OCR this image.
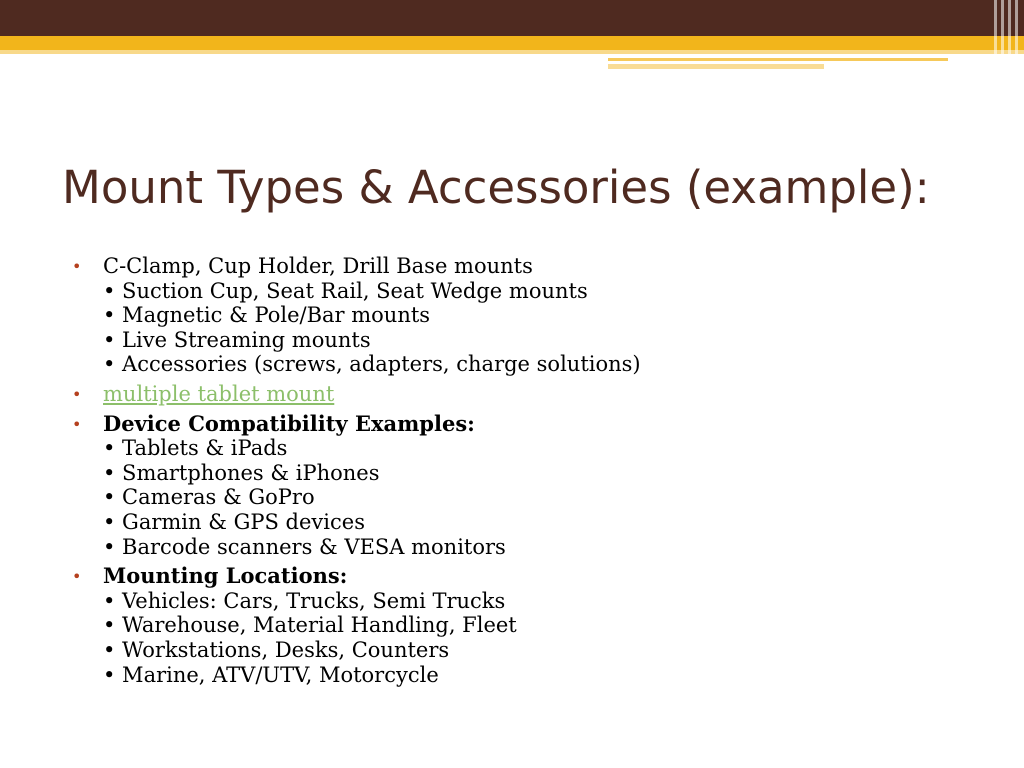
Mount Types & Accessories (example):
• C-Clamp, Cup Holder, Drill Base mounts
• Suction Cup, Seat Rail, Seat Wedge mounts
• Magnetic & Pole/Bar mounts
• Live Streaming mounts
• Accessories (screws, adapters, charge solutions)
• multiple tablet mount
• Device Compatibility Examples:
• Tablets & iPads
• Smartphones & iPhones
• Cameras & GoPro
• Garmin & GPS devices
• Barcode scanners & VESA monitors
• Mounting Locations:
• Vehicles: Cars, Trucks, Semi Trucks
• Warehouse, Material Handling, Fleet
• Workstations, Desks, Counters
• Marine, ATV/UTV, Motorcycle
